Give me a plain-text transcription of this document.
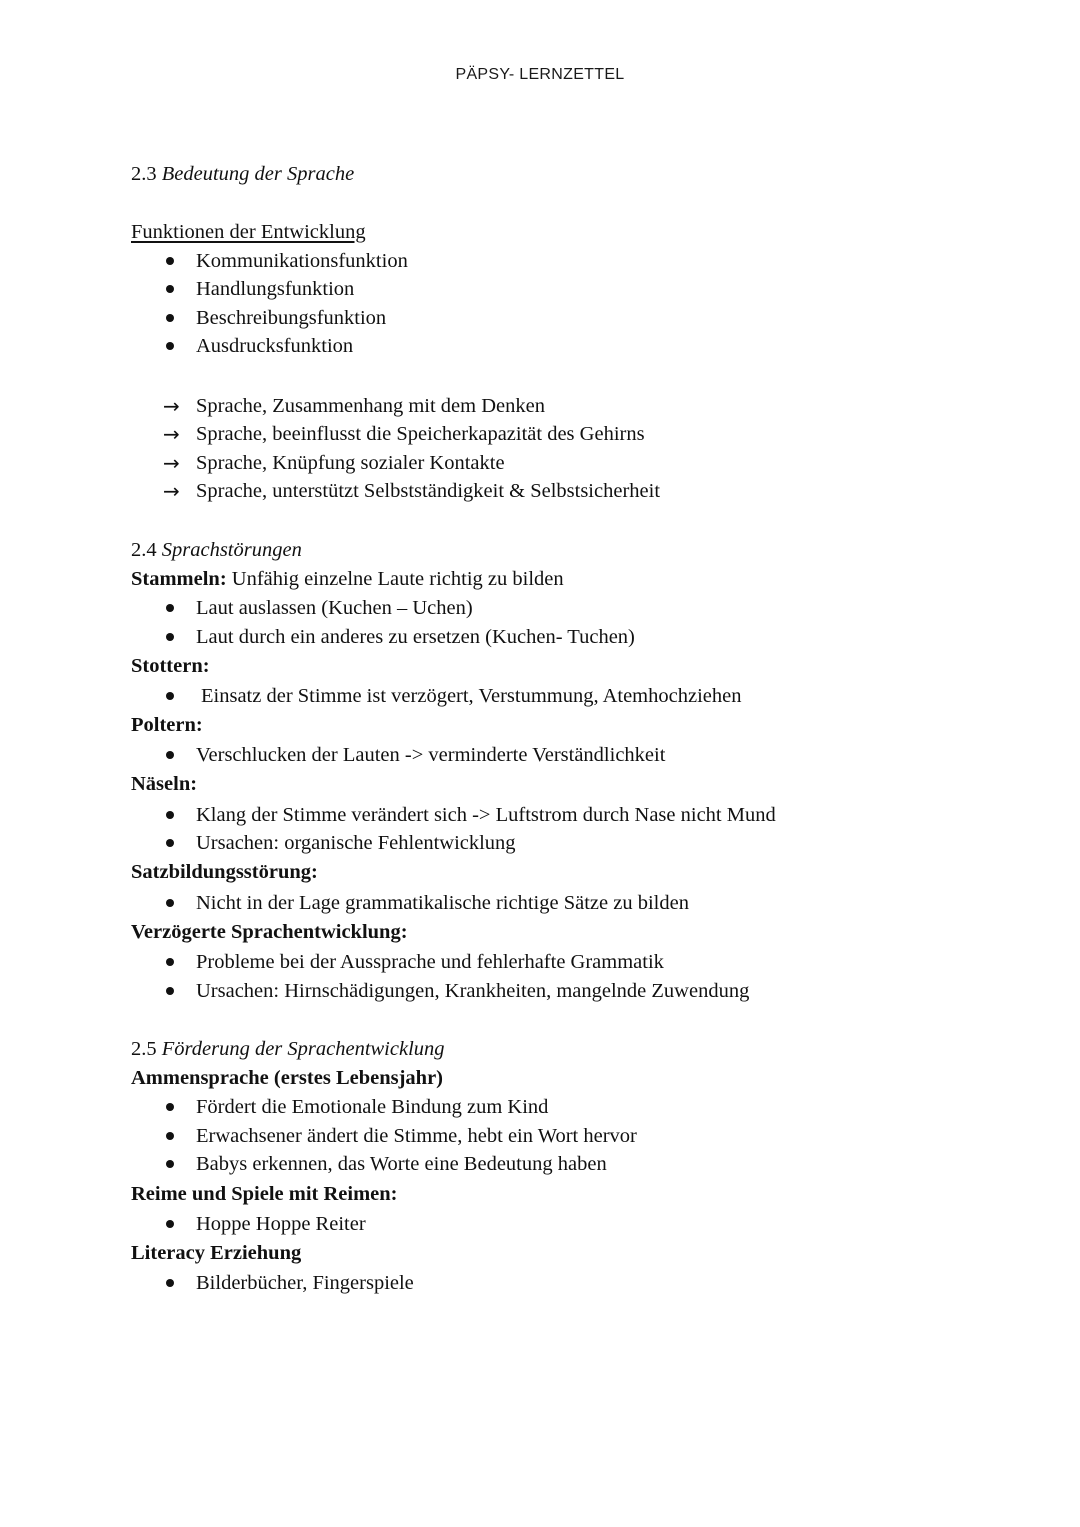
PÄPSY- LERNZETTEL
2.3 Bedeutung der Sprache
Funktionen der Entwicklung
Kommunikationsfunktion
Handlungsfunktion
Beschreibungsfunktion
Ausdrucksfunktion
→ Sprache, Zusammenhang mit dem Denken
→ Sprache, beeinflusst die Speicherkapazität des Gehirns
→ Sprache, Knüpfung sozialer Kontakte
→ Sprache, unterstützt Selbstständigkeit & Selbstsicherheit
2.4 Sprachstörungen
Stammeln: Unfähig einzelne Laute richtig zu bilden
Laut auslassen (Kuchen – Uchen)
Laut durch ein anderes zu ersetzen (Kuchen- Tuchen)
Stottern:
Einsatz der Stimme ist verzögert, Verstummung, Atemhochziehen
Poltern:
Verschlucken der Lauten -> verminderte Verständlichkeit
Näseln:
Klang der Stimme verändert sich -> Luftstrom durch Nase nicht Mund
Ursachen: organische Fehlentwicklung
Satzbildungsstörung:
Nicht in der Lage grammatikalische richtige Sätze zu bilden
Verzögerte Sprachentwicklung:
Probleme bei der Aussprache und fehlerhafte Grammatik
Ursachen: Hirnschädigungen, Krankheiten, mangelnde Zuwendung
2.5 Förderung der Sprachentwicklung
Ammensprache (erstes Lebensjahr)
Fördert die Emotionale Bindung zum Kind
Erwachsener ändert die Stimme, hebt ein Wort hervor
Babys erkennen, das Worte eine Bedeutung haben
Reime und Spiele mit Reimen:
Hoppe Hoppe Reiter
Literacy Erziehung
Bilderbücher, Fingerspiele
